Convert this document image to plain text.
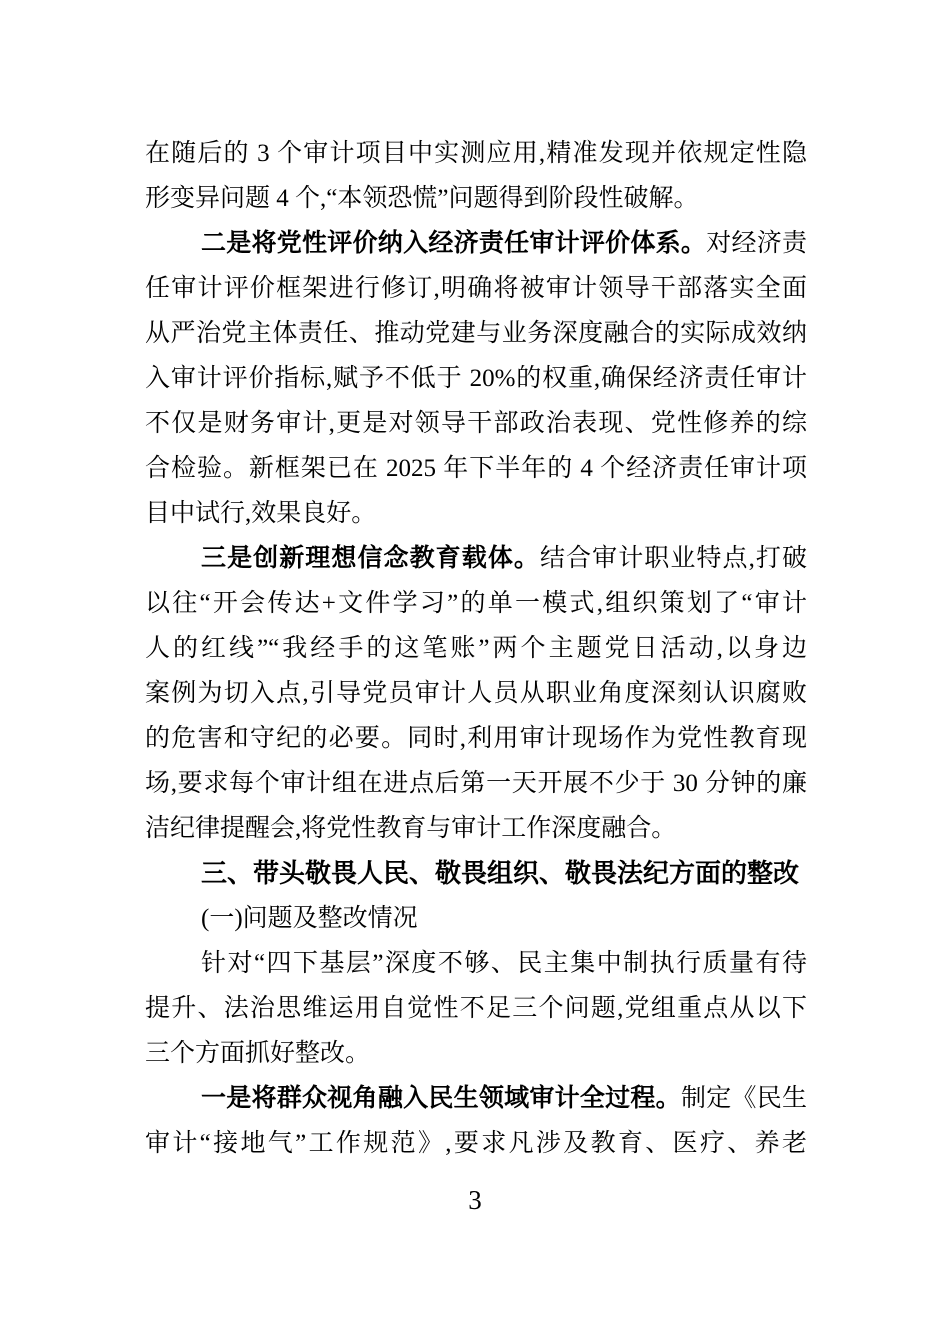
在随后的 3 个审计项目中实测应用,精准发现并依规定性隐
形变异问题 4 个,“本领恐慌”问题得到阶段性破解。
二是将党性评价纳入经济责任审计评价体系。对经济责
任审计评价框架进行修订,明确将被审计领导干部落实全面
从严治党主体责任、推动党建与业务深度融合的实际成效纳
入审计评价指标,赋予不低于 20%的权重,确保经济责任审计
不仅是财务审计,更是对领导干部政治表现、党性修养的综
合检验。新框架已在 2025 年下半年的 4 个经济责任审计项
目中试行,效果良好。
三是创新理想信念教育载体。结合审计职业特点,打破
以往“开会传达+文件学习”的单一模式,组织策划了“审计
人的红线”“我经手的这笔账”两个主题党日活动,以身边
案例为切入点,引导党员审计人员从职业角度深刻认识腐败
的危害和守纪的必要。同时,利用审计现场作为党性教育现
场,要求每个审计组在进点后第一天开展不少于 30 分钟的廉
洁纪律提醒会,将党性教育与审计工作深度融合。
三、带头敬畏人民、敬畏组织、敬畏法纪方面的整改
(一)问题及整改情况
针对“四下基层”深度不够、民主集中制执行质量有待
提升、法治思维运用自觉性不足三个问题,党组重点从以下
三个方面抓好整改。
一是将群众视角融入民生领域审计全过程。制定《民生
审计“接地气”工作规范》,要求凡涉及教育、医疗、养老
3
